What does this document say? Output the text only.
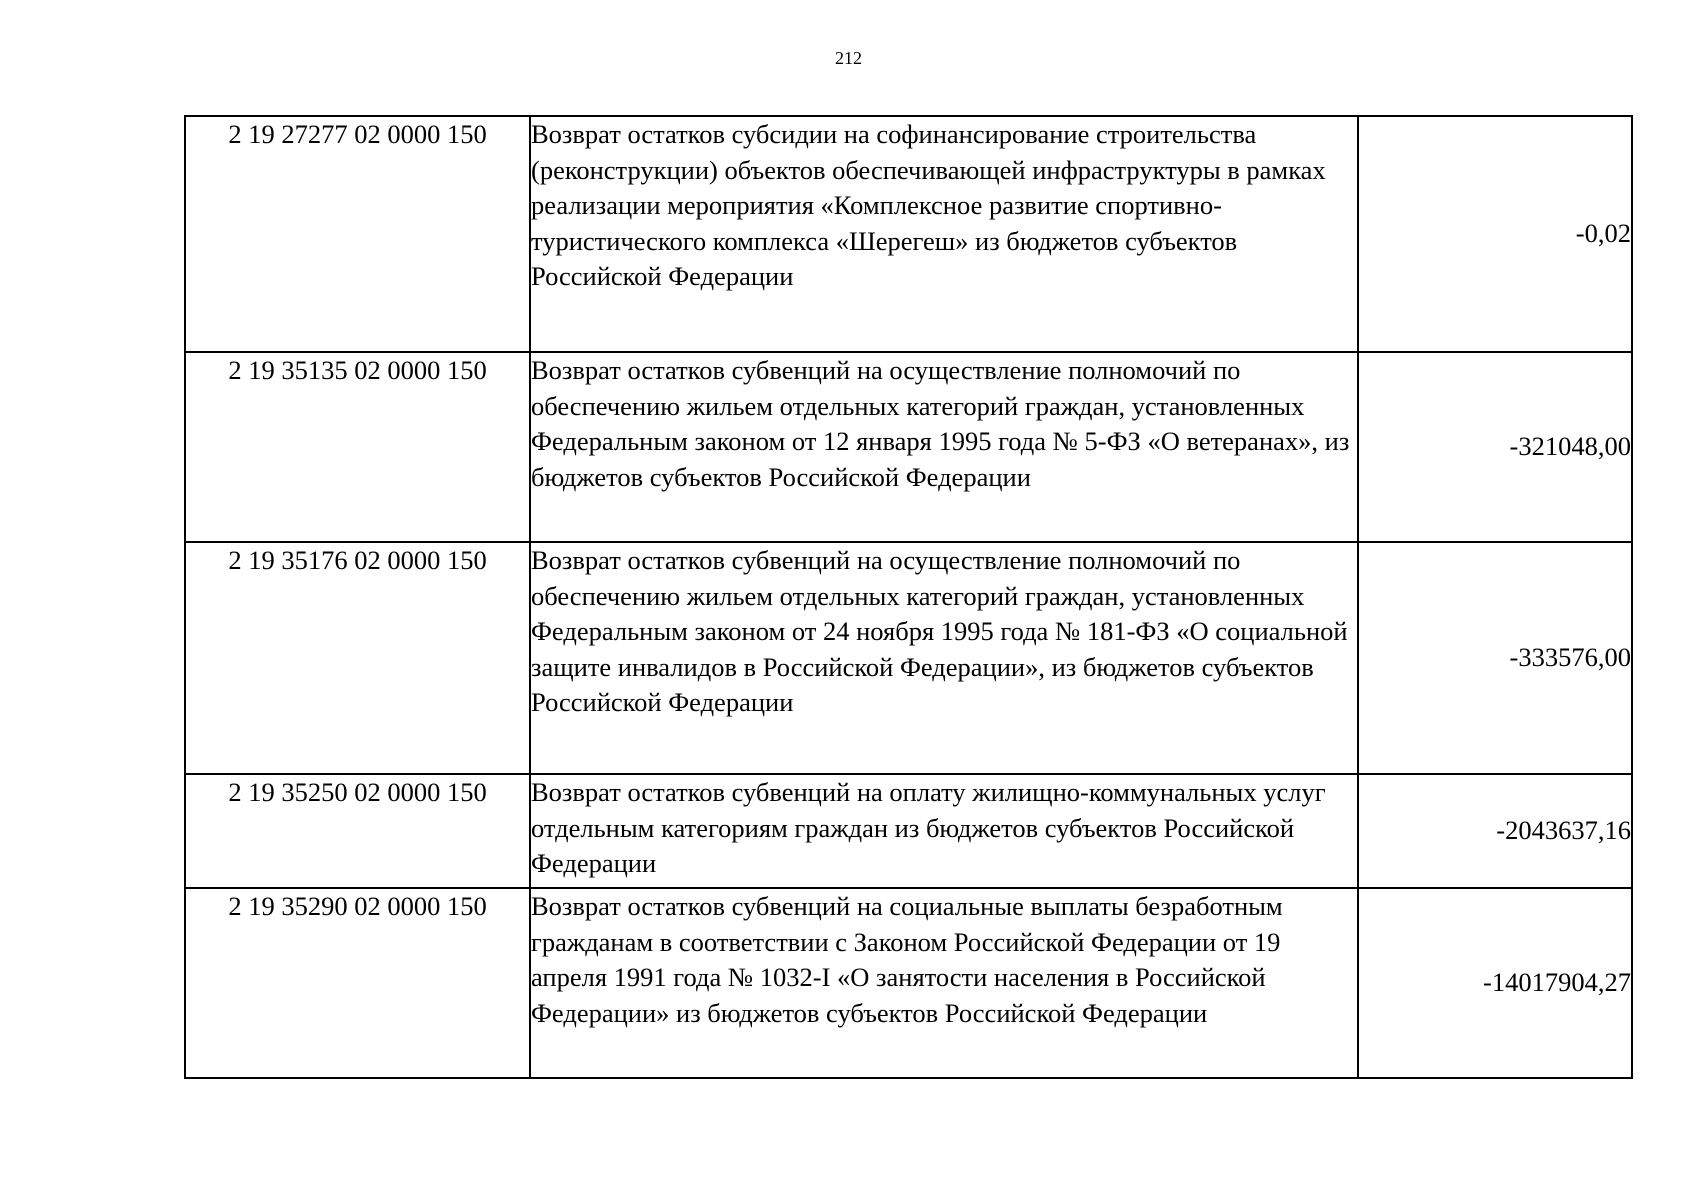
212
2 19 27277 02 0000 150	Возврат остатков субсидии на софинансирование строительства (реконструкции) объектов обеспечивающей инфраструктуры в рамках реализации мероприятия «Комплексное развитие спортивно-туристического комплекса «Шерегеш» из бюджетов субъектов Российской Федерации	-0,02
2 19 35135 02 0000 150	Возврат остатков субвенций на осуществление полномочий по обеспечению жильем отдельных категорий граждан, установленных Федеральным законом от 12 января 1995 года № 5-ФЗ «О ветеранах», из бюджетов субъектов Российской Федерации	-321048,00
2 19 35176 02 0000 150	Возврат остатков субвенций на осуществление полномочий по обеспечению жильем отдельных категорий граждан, установленных Федеральным законом от 24 ноября 1995 года № 181-ФЗ «О социальной защите инвалидов в Российской Федерации», из бюджетов субъектов Российской Федерации	-333576,00
2 19 35250 02 0000 150	Возврат остатков субвенций на оплату жилищно-коммунальных услуг отдельным категориям граждан из бюджетов субъектов Российской Федерации	-2043637,16
2 19 35290 02 0000 150	Возврат остатков субвенций на социальные выплаты безработным гражданам в соответствии с Законом Российской Федерации от 19 апреля 1991 года № 1032-I «О занятости населения в Российской Федерации» из бюджетов субъектов Российской Федерации	-14017904,27
